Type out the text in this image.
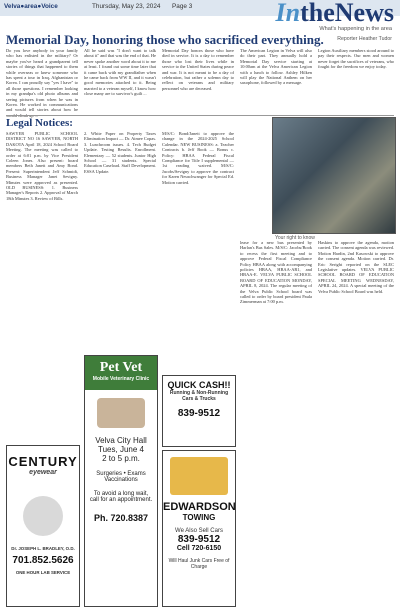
Velva●area●Voice	Thursday, May 23, 2024 Page 3	IntheNews
What's happening in the area
Memorial Day, honoring those who sacrificed everything.	Reporter Heather Tudor
Do you love anybody in your family who has enlisted in the military? Or maybe you've heard a grandparent tell stories of things that happened to them while overseas or knew someone who has spent a tour in Iraq, Afghanistan or Korea. I can proudly say "yes I have" to all those questions. I remember looking in my grandpa's old photo albums and seeing pictures from when he was in Korea. He worked in communications and would tell stories about how he
All he said was "I don't want to talk about it" and that was the end of that. He never spoke another word about it to me at least. I found out some time later that it came back with my grandfather when he came back from WW II, and it wasn't good memories attached to it. Being married to a veteran myself, I know how close many are to survivor's guilt ...
Memorial Day honors those who have died in service. It is a day to remember those who lost their lives while in service to the United States during peace and war. It is not meant to be a day of celebration, but rather a solemn day to reflect on veterans and military personnel who are deceased.
The American Legion in Velva will also do their part. They annually hold a Memorial Day service starting at 10:00am at the Velva American Legion with a lunch to follow. Ashley Hilken will play the National Anthem on her saxophone, followed by a message.
Legion Auxiliary members stood around to pay their respects. Our men and women never forget the sacrifices of veterans, who fought for the freedom we enjoy today.
Legal Notices:
Your right to know
SAWYER PUBLIC SCHOOL DISTRICT NO 16 SAWYER, NORTH DAKOTA April 18, 2024 School Board Meeting. The meeting was called to order at 6:01 p.m. by Vice President Coleen Jones. Also present: board members Beth Janett and Amy Bond. Present: Superintendent Jeff Schmidt, Business Manager Janet Sevigny. Minutes were approved as presented. OLD BUSINESS: 1. Business Manager's Reports 2. Approval of March 18th Minutes 3. Review of Bills.
2. White Paper on Property Taxes Elimination Impact — Dr. Aimee Copas. 3. Lunchroom issues. 4. Tech Budget Update. Testing Results. Enrollment. Elementary — 52 students. Junior High School — 31 students. Special Education Caseload. Staff Development. ESSA Update.
M/S/C: Bond/Janett to approve the change in the 2024-2025 School Calendar. NEW BUSINESS: a. Teacher Contracts b. Jeff Book — Bonus c. Policy: HBAA Federal Fiscal Compliance for Title I supplemental — 1st reading waived. M/S/C: Jacobs/Sevigny to approve the contract for Karen Neuschwanger for Special Ed. Motion carried.
lease for a new bus presented by Harlan's Bus Sales. M/S/C: Jacobs/Book to recess the first meeting and to approve Federal Fiscal Compliance Policy HBAA along with accompanying policies HBAA, HBAA-AR1, and HBAA-E. VELVA PUBLIC SCHOOL BOARD OF EDUCATION MONDAY, APRIL 8, 2024. The regular meeting of the Velva Public School board was called to order by board president Paula Zimmerman at 7:00 p.m.
Haskins to approve the agenda, motion carried. The consent agenda was reviewed. Motion Hardin, 2nd Kasowski to approve the consent agenda. Motion carried. Dr. Eric Seright reported on the SLEC Legislative updates. VELVA PUBLIC SCHOOL BOARD OF EDUCATION SPECIAL MEETING WEDNESDAY, APRIL 24, 2024. A special meeting of the Velva Public School Board was held.
CENTURY
eyewear
Dr. JOSEPH L. BRADLEY, O.D.
701.852.5626
ONE HOUR LAB SERVICE
Pet Vet
Mobile Veterinary Clinic
Velva City Hall
Tues, June 4
2 to 5 p.m.
Surgeries • Exams
Vaccinations
To avoid a long wait, call for an appointment.
Ph. 720.8387
QUICK CASH!!
Running & Non-Running
Cars & Trucks
839-9512
EDWARDSON
TOWING
We Also Sell Cars
839-9512
Cell 720-6150
Will Haul Junk Cars Free of Charge
